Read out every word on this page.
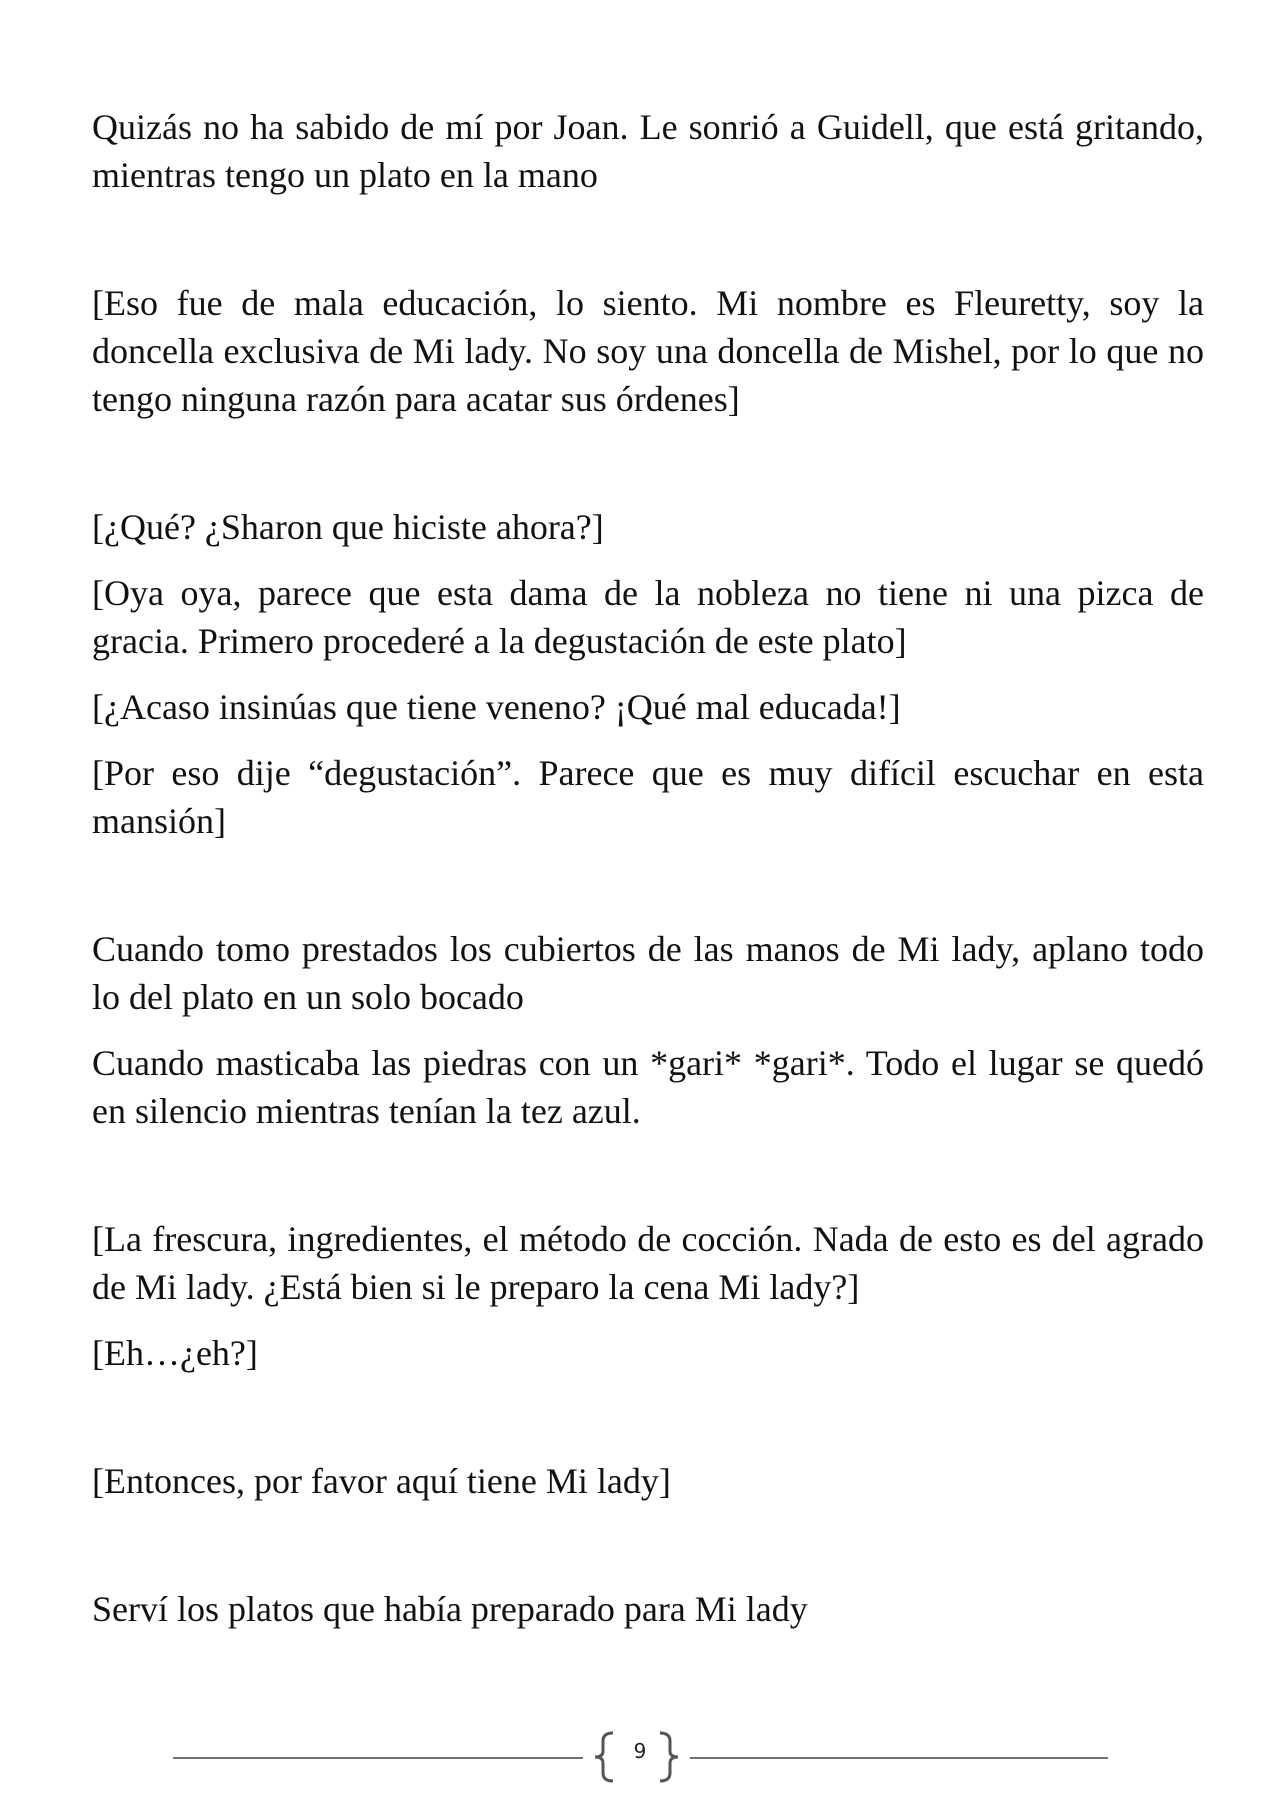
Quizás no ha sabido de mí por Joan. Le sonrió a Guidell, que está gritando, mientras tengo un plato en la mano

[Eso fue de mala educación, lo siento. Mi nombre es Fleuretty, soy la doncella exclusiva de Mi lady. No soy una doncella de Mishel, por lo que no tengo ninguna razón para acatar sus órdenes]

[¿Qué? ¿Sharon que hiciste ahora?]

[Oya oya, parece que esta dama de la nobleza no tiene ni una pizca de gracia. Primero procederé a la degustación de este plato]

[¿Acaso insinúas que tiene veneno? ¡Qué mal educada!]

[Por eso dije “degustación”. Parece que es muy difícil escuchar en esta mansión]

Cuando tomo prestados los cubiertos de las manos de Mi lady, aplano todo lo del plato en un solo bocado

Cuando masticaba las piedras con un *gari* *gari*. Todo el lugar se quedó en silencio mientras tenían la tez azul.

[La frescura, ingredientes, el método de cocción. Nada de esto es del agrado de Mi lady. ¿Está bien si le preparo la cena Mi lady?]

[Eh…¿eh?]

[Entonces, por favor aquí tiene Mi lady]

Serví los platos que había preparado para Mi lady

9
